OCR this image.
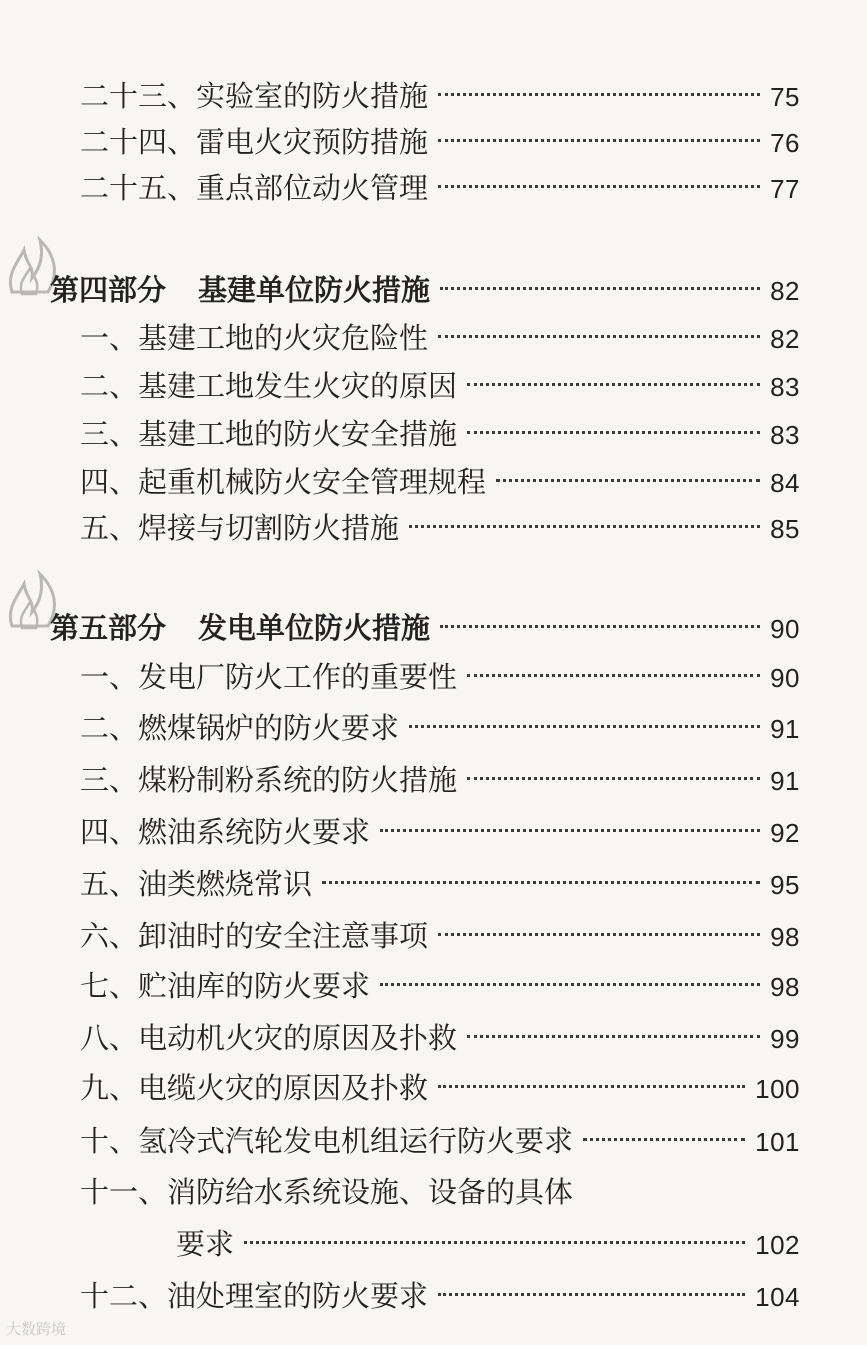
二十三、实验室的防火措施	75
二十四、雷电火灾预防措施	76
二十五、重点部位动火管理	77
第四部分 基建单位防火措施	82
一、基建工地的火灾危险性	82
二、基建工地发生火灾的原因	83
三、基建工地的防火安全措施	83
四、起重机械防火安全管理规程	84
五、焊接与切割防火措施	85
第五部分 发电单位防火措施	90
一、发电厂防火工作的重要性	90
二、燃煤锅炉的防火要求	91
三、煤粉制粉系统的防火措施	91
四、燃油系统防火要求	92
五、油类燃烧常识	95
六、卸油时的安全注意事项	98
七、贮油库的防火要求	98
八、电动机火灾的原因及扑救	99
九、电缆火灾的原因及扑救	100
十、氢冷式汽轮发电机组运行防火要求	101
十一、消防给水系统设施、设备的具体
要求	102
十二、油处理室的防火要求	104
大数跨境
